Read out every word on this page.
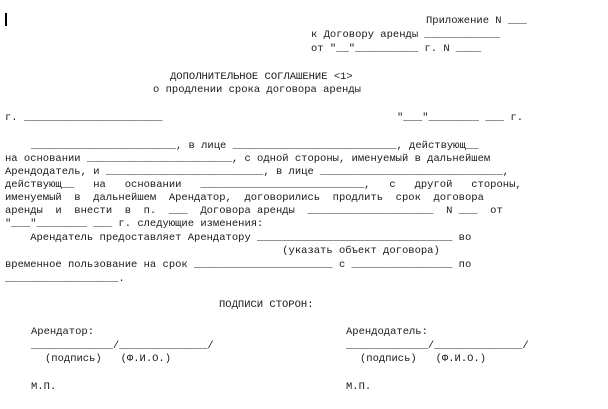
Приложение N ___
к Договору аренды ____________
от "__"__________ г. N ____
ДОПОЛНИТЕЛЬНОЕ СОГЛАШЕНИЕ <1>
о продлении срока договора аренды
г. ______________________	"___"________ ___ г.
_______________________, в лице __________________________, действующ__
на основании _______________________, с одной стороны, именуемый в дальнейшем
Арендодатель, и _________________________, в лице _____________________________,
действующ__   на   основании   __________________________,   с   другой   стороны,
именуемый  в  дальнейшем  Арендатор,  договорились  продлить  срок  договора
аренды  и  внести  в  п.  ___  Договора аренды  ____________________  N ___  от
"___"________ ___ г. следующие изменения:
Арендатель предоставляет Арендатору _______________________________ во
(указать объект договора)
временное пользование на срок ______________________ с ________________ по
__________________.
ПОДПИСИ СТОРОН:
Арендатор:
_____________/______________/
(подпись)   (Ф.И.О.)
М.П.
Арендодатель:
_____________/______________/
(подпись)   (Ф.И.О.)
М.П.
